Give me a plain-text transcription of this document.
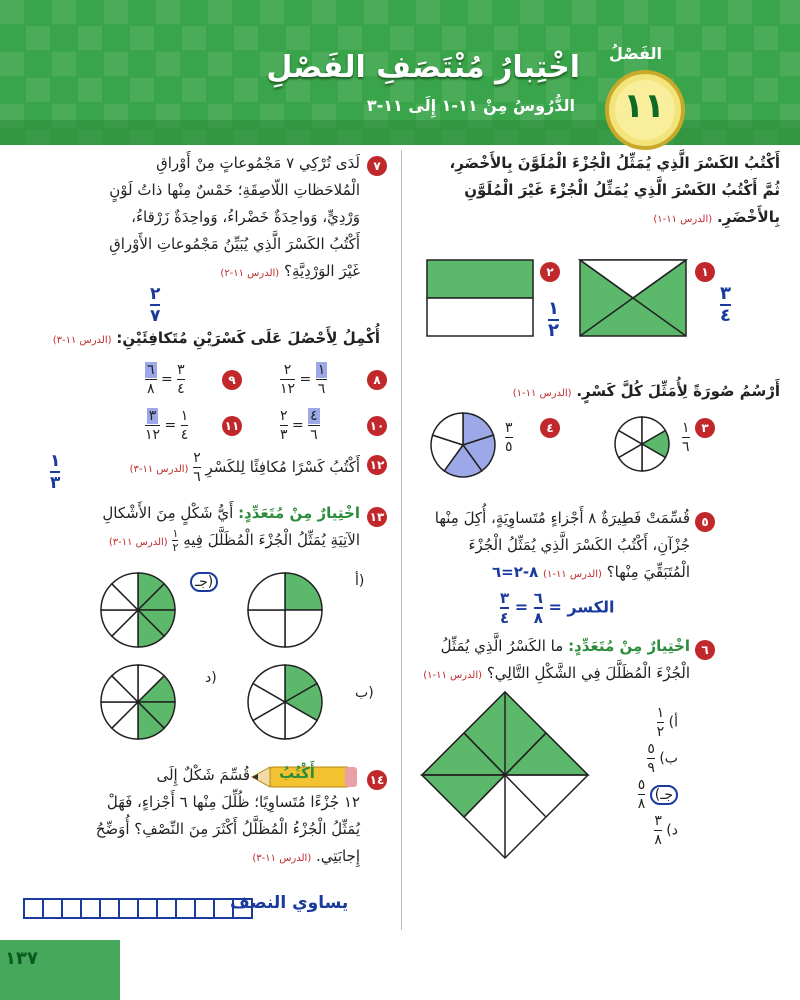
اخْتِبارُ مُنْتَصَفِ الفَصْلِ
الدُّرُوسُ مِنْ ١١-١ إِلَى ١١-٣
الفَصْلُ
١١
أَكْتُبُ الكَسْرَ الَّذِي يُمَثِّلُ الْجُزْءَ الْمُلَوَّنَ بِالأَخْضَرِ،
ثُمَّ أَكْتُبُ الكَسْرَ الَّذِي يُمَثِّلُ الْجُزْءَ غَيْرَ الْمُلَوَّنِ
بِالأَخْضَرِ. (الدرس ١١-١)
١
٣
٤
٢
١
٢
أَرْسُمُ صُورَةً لِأُمَثِّلَ كُلَّ كَسْرٍ. (الدرس ١١-١)
٣
١
٦
٤
٣
٥
٥
قُسِّمَتْ فَطِيرَةٌ ٨ أَجْزاءٍ مُتَساوِيَةٍ، أُكِلَ مِنْها
جُزْآنِ، أَكْتُبُ الكَسْرَ الَّذِي يُمَثِّلُ الْجُزْءَ
الْمُتَبَقِّيَ مِنْها؟ (الدرس ١١-١) ٨-٢=٦
الكسر = $\frac{٦}{٨} = \frac{٣}{٤}$
٦
اخْتِيارٌ مِنْ مُتَعَدِّدٍ: ما الكَسْرُ الَّذِي يُمَثِّلُ
الْجُزْءَ الْمُظَلَّلَ فِي الشَّكْلِ التَّالِي؟ (الدرس ١١-١)
أ) $\frac{١}{٢}$
ب) $\frac{٥}{٩}$
جـ) $\frac{٥}{٨}$
د) $\frac{٣}{٨}$
٧
لَدَى تُرْكِي ٧ مَجْمُوعاتٍ مِنْ أَوْراقِ
الْمُلاحَظاتِ اللّاصِقَةِ؛ خَمْسٌ مِنْها ذاتُ لَوْنٍ
وَرْدِيٍّ، وَواحِدَةٌ خَضْراءُ، وَواحِدَةٌ زَرْقاءُ،
أَكْتُبُ الكَسْرَ الَّذِي يُبَيِّنُ مَجْمُوعاتِ الأَوْراقِ
غَيْرَ الوَرْدِيَّةِ؟ (الدرس ١١-٢)
٢
٧
أُكْمِلُ لِأَحْصُلَ عَلَى كَسْرَيْنِ مُتَكافِئَيْنِ: (الدرس ١١-٣)
٨
$\frac{٢}{١٢} = \frac{١}{٦}$
٩
$\frac{٦}{٨} = \frac{٣}{٤}$
١٠
$\frac{٢}{٣} = \frac{٤}{٦}$
١١
$\frac{٣}{١٢} = \frac{١}{٤}$
١٢
أَكْتُبُ كَسْرًا مُكافِئًا لِلكَسْرِ $\frac{٢}{٦}$ (الدرس ١١-٣)
١
٣
١٣
اخْتِيارٌ مِنْ مُتَعَدِّدٍ: أَيُّ شَكْلٍ مِنَ الأَشْكالِ
الآتِيَةِ يُمَثِّلُ الْجُزْءَ الْمُظَلَّلَ فِيهِ $\frac{١}{٢}$ (الدرس ١١-٣)
أ)
جـ)
ب)
د)
١٤
أَكْتُبُ
قُسِّمَ شَكْلٌ إِلَى
١٢ جُزْءًا مُتَساوِيًا؛ ظُلِّلَ مِنْها ٦ أَجْزاءٍ، فَهَلْ
يُمَثِّلُ الْجُزْءُ الْمُظَلَّلُ أَكْثَرَ مِنَ النِّصْفِ؟ أُوَضِّحُ
إِجابَتِي. (الدرس ١١-٣)
يساوي النصف
١٣٧
